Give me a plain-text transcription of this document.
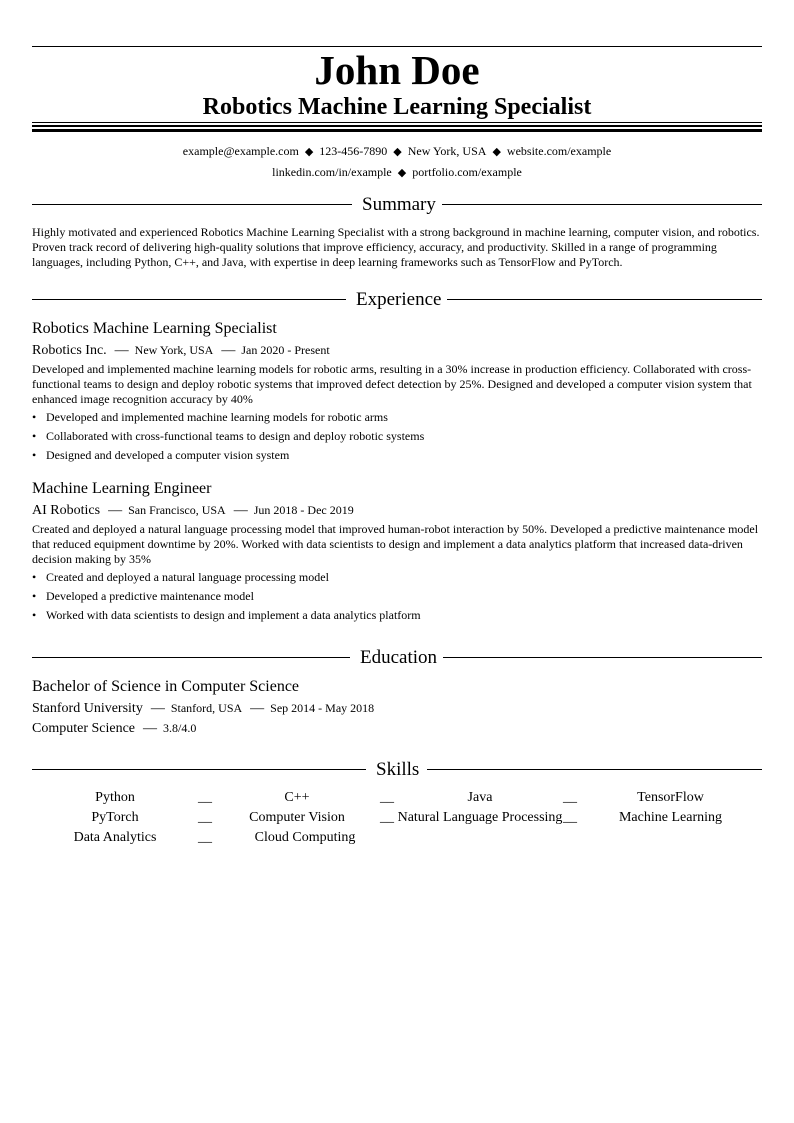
John Doe
Robotics Machine Learning Specialist
example@example.com ◆ 123-456-7890 ◆ New York, USA ◆ website.com/example
linkedin.com/in/example ◆ portfolio.com/example
Summary
Highly motivated and experienced Robotics Machine Learning Specialist with a strong background in machine learning, computer vision, and robotics. Proven track record of delivering high-quality solutions that improve efficiency, accuracy, and productivity. Skilled in a range of programming languages, including Python, C++, and Java, with expertise in deep learning frameworks such as TensorFlow and PyTorch.
Experience
Robotics Machine Learning Specialist
Robotics Inc. — New York, USA — Jan 2020 - Present
Developed and implemented machine learning models for robotic arms, resulting in a 30% increase in production efficiency. Collaborated with cross-functional teams to design and deploy robotic systems that improved defect detection by 25%. Designed and developed a computer vision system that enhanced image recognition accuracy by 40%
• Developed and implemented machine learning models for robotic arms
• Collaborated with cross-functional teams to design and deploy robotic systems
• Designed and developed a computer vision system
Machine Learning Engineer
AI Robotics — San Francisco, USA — Jun 2018 - Dec 2019
Created and deployed a natural language processing model that improved human-robot interaction by 50%. Developed a predictive maintenance model that reduced equipment downtime by 20%. Worked with data scientists to design and implement a data analytics platform that increased data-driven decision making by 35%
• Created and deployed a natural language processing model
• Developed a predictive maintenance model
• Worked with data scientists to design and implement a data analytics platform
Education
Bachelor of Science in Computer Science
Stanford University — Stanford, USA — Sep 2014 - May 2018
Computer Science — 3.8/4.0
Skills
Python	__	C++	__	Java	__	TensorFlow
PyTorch	__	Computer Vision	__ Natural Language Processing __	Machine Learning
Data Analytics	__	Cloud Computing
